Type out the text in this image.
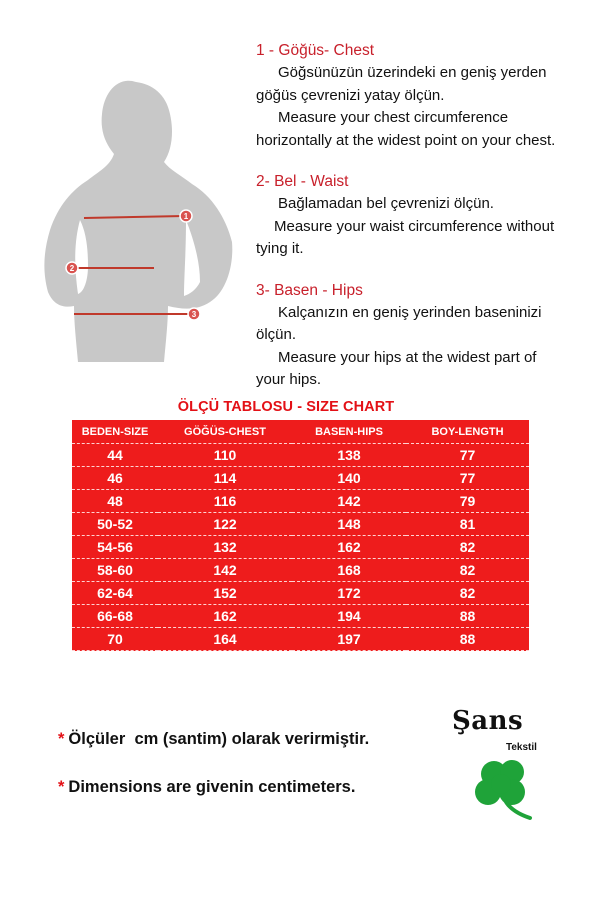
1
2
3

1 - Göğüs- Chest

Göğsünüzün üzerindeki en geniş yerden

göğüs çevrenizi yatay ölçün.

Measure your chest circumference

horizontally at the widest point on your chest.

2- Bel - Waist

Bağlamadan bel çevrenizi ölçün.

Measure your waist circumference without

tying it.

3- Basen - Hips

Kalçanızın en geniş yerinden baseninizi

ölçün.

Measure your hips at the widest part of

your hips.

ÖLÇÜ TABLOSU - SIZE CHART
BEDEN-SIZE	GÖĞÜS-CHEST	BASEN-HIPS	BOY-LENGTH
44	110	138	77
46	114	140	77
48	116	142	79
50-52	122	148	81
54-56	132	162	82
58-60	142	168	82
62-64	152	172	82
66-68	162	194	88
70	164	197	88
* Ölçüler  cm (santim) olarak verirmiştir.
* Dimensions are givenin centimeters.
Şans
Tekstil
